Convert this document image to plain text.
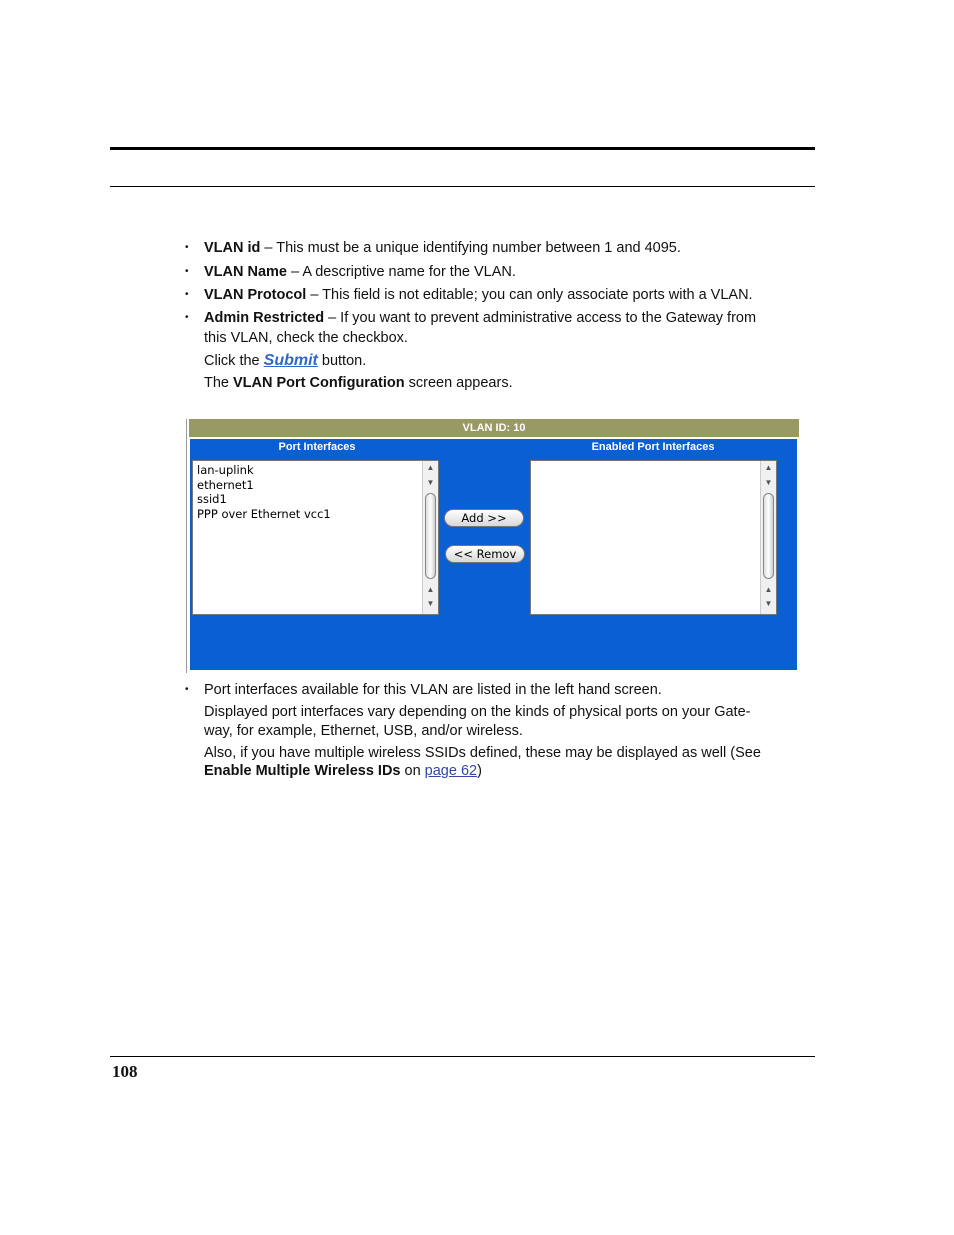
• VLAN id – This must be a unique identifying number between 1 and 4095.
• VLAN Name – A descriptive name for the VLAN.
• VLAN Protocol – This field is not editable; you can only associate ports with a VLAN.
• Admin Restricted – If you want to prevent administrative access to the Gateway from
this VLAN, check the checkbox.
Click the Submit button.
The VLAN Port Configuration screen appears.
VLAN ID: 10
Port Interfaces	Enabled Port Interfaces
lan-uplink
ethernet1
ssid1
PPP over Ethernet vcc1
▲
▼
▲
▼
Add >>
<< Remov
▲
▼
▲
▼
• Port interfaces available for this VLAN are listed in the left hand screen.
Displayed port interfaces vary depending on the kinds of physical ports on your Gate-
way, for example, Ethernet, USB, and/or wireless.
Also, if you have multiple wireless SSIDs defined, these may be displayed as well (See
Enable Multiple Wireless IDs on page 62)
108
